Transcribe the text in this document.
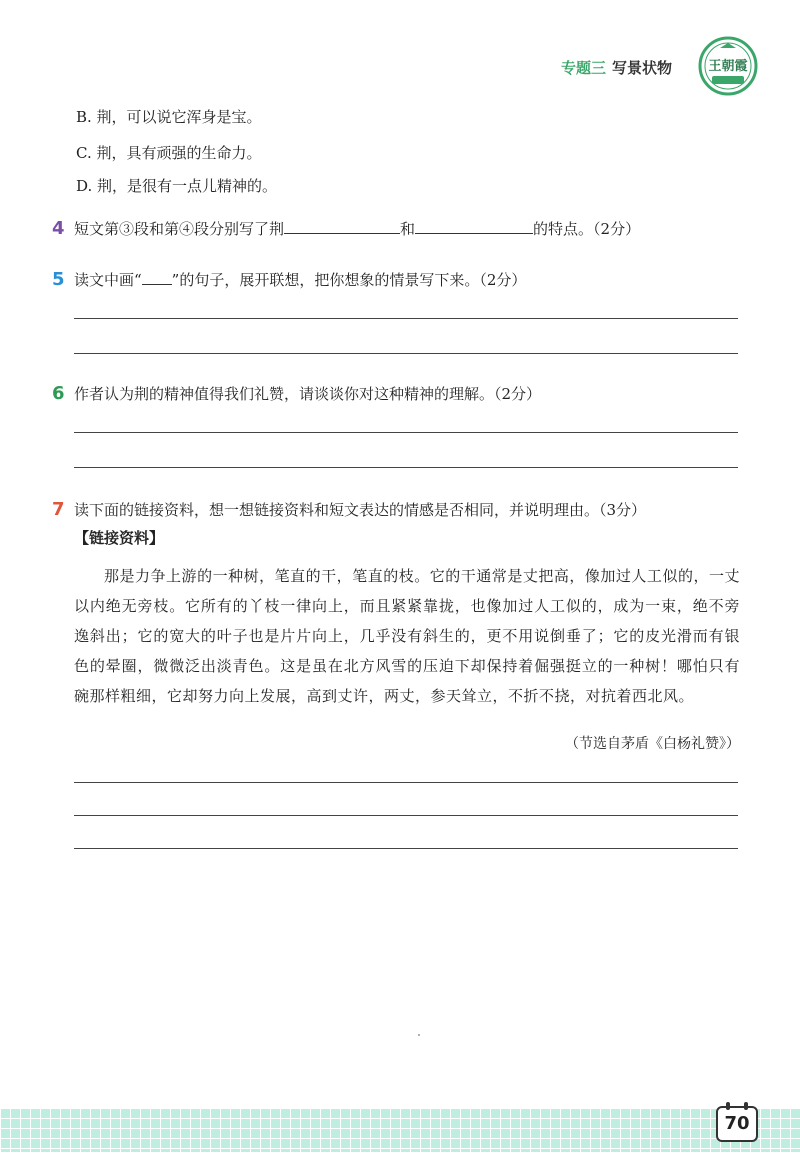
专题三 写景状物	王朝霞
B. 荆，可以说它浑身是宝。
C. 荆，具有顽强的生命力。
D. 荆，是很有一点儿精神的。
4 短文第③段和第④段分别写了荆	和	的特点。（2分）
5 读文中画“ ”的句子，展开联想，把你想象的情景写下来。（2分）
6 作者认为荆的精神值得我们礼赞，请谈谈你对这种精神的理解。（2分）
7 读下面的链接资料，想一想链接资料和短文表达的情感是否相同，并说明理由。（3分）
【链接资料】
那是力争上游的一种树，笔直的干，笔直的枝。它的干通常是丈把高，像加过人工似的，一丈以内绝无旁枝。它所有的丫枝一律向上，而且紧紧靠拢，也像加过人工似的，成为一束，绝不旁逸斜出；它的宽大的叶子也是片片向上，几乎没有斜生的，更不用说倒垂了；它的皮光滑而有银色的晕圈，微微泛出淡青色。这是虽在北方风雪的压迫下却保持着倔强挺立的一种树！哪怕只有碗那样粗细，它却努力向上发展，高到丈许，两丈，参天耸立，不折不挠，对抗着西北风。
（节选自茅盾《白杨礼赞》）
70
